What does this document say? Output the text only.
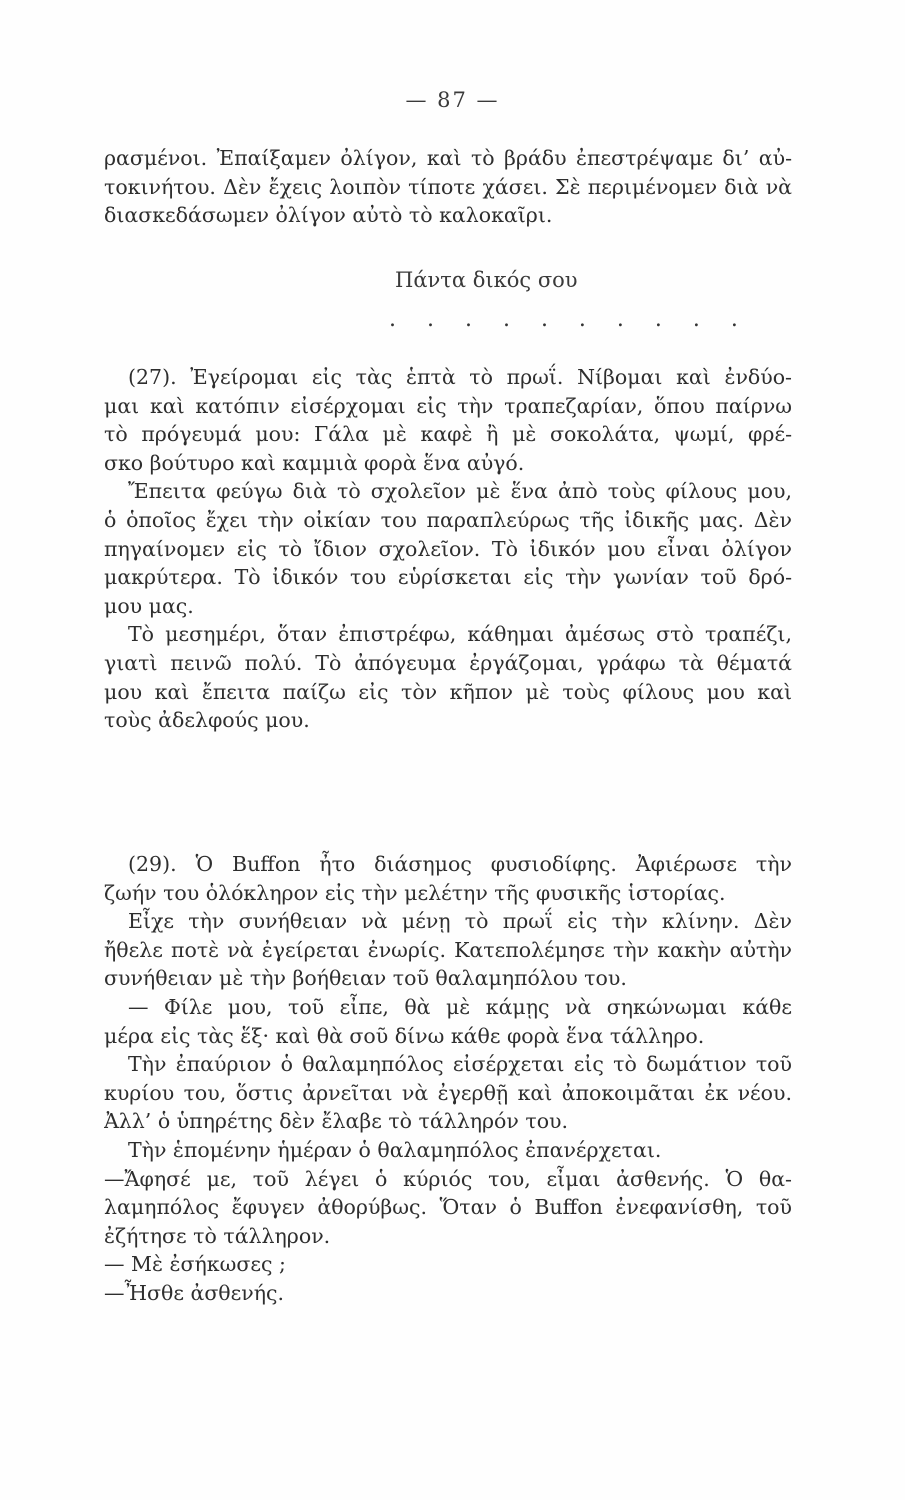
— 87 —
ρασμένοι. Ἐπαίξαμεν ὀλίγον, καὶ τὸ βράδυ ἐπεστρέψαμε δι’ αὐ-
τοκινήτου. Δὲν ἔχεις λοιπὸν τίποτε χάσει. Σὲ περιμένομεν διὰ νὰ
διασκεδάσωμεν ὀλίγον αὐτὸ τὸ καλοκαῖρι.
Πάντα δικός σου
. . . . . . . . . .
(27). Ἐγείρομαι εἰς τὰς ἑπτὰ τὸ πρωΐ. Νίβομαι καὶ ἐνδύο-
μαι καὶ κατόπιν εἰσέρχομαι εἰς τὴν τραπεζαρίαν, ὅπου παίρνω
τὸ πρόγευμά μου: Γάλα μὲ καφὲ ἢ μὲ σοκολάτα, ψωμί, φρέ-
σκο βούτυρο καὶ καμμιὰ φορὰ ἕνα αὐγό.
Ἔπειτα φεύγω διὰ τὸ σχολεῖον μὲ ἕνα ἀπὸ τοὺς φίλους μου,
ὁ ὁποῖος ἔχει τὴν οἰκίαν του παραπλεύρως τῆς ἰδικῆς μας. Δὲν
πηγαίνομεν εἰς τὸ ἴδιον σχολεῖον. Τὸ ἰδικόν μου εἶναι ὀλίγον
μακρύτερα. Τὸ ἰδικόν του εὑρίσκεται εἰς τὴν γωνίαν τοῦ δρό-
μου μας.
Τὸ μεσημέρι, ὅταν ἐπιστρέφω, κάθημαι ἀμέσως στὸ τραπέζι,
γιατὶ πεινῶ πολύ. Τὸ ἀπόγευμα ἐργάζομαι, γράφω τὰ θέματά
μου καὶ ἔπειτα παίζω εἰς τὸν κῆπον μὲ τοὺς φίλους μου καὶ
τοὺς ἀδελφούς μου.
(29). Ὁ Buffon ἦτο διάσημος φυσιοδίφης. Ἀφιέρωσε τὴν
ζωήν του ὁλόκληρον εἰς τὴν μελέτην τῆς φυσικῆς ἱστορίας.
Εἶχε τὴν συνήθειαν νὰ μένῃ τὸ πρωΐ εἰς τὴν κλίνην. Δὲν
ἤθελε ποτὲ νὰ ἐγείρεται ἐνωρίς. Κατεπολέμησε τὴν κακὴν αὐτὴν
συνήθειαν μὲ τὴν βοήθειαν τοῦ θαλαμηπόλου του.
— Φίλε μου, τοῦ εἶπε, θὰ μὲ κάμῃς νὰ σηκώνωμαι κάθε
μέρα εἰς τὰς ἕξ· καὶ θὰ σοῦ δίνω κάθε φορὰ ἕνα τάλληρο.
Τὴν ἐπαύριον ὁ θαλαμηπόλος εἰσέρχεται εἰς τὸ δωμάτιον τοῦ
κυρίου του, ὅστις ἀρνεῖται νὰ ἐγερθῇ καὶ ἀποκοιμᾶται ἐκ νέου.
Ἀλλ’ ὁ ὑπηρέτης δὲν ἔλαβε τὸ τάλληρόν του.
Τὴν ἑπομένην ἡμέραν ὁ θαλαμηπόλος ἐπανέρχεται.
—Ἄφησέ με, τοῦ λέγει ὁ κύριός του, εἶμαι ἀσθενής. Ὁ θα-
λαμηπόλος ἔφυγεν ἀθορύβως. Ὅταν ὁ Buffon ἐνεφανίσθη, τοῦ
ἐζήτησε τὸ τάλληρον.
— Μὲ ἐσήκωσες ;
—Ἦσθε ἀσθενής.
